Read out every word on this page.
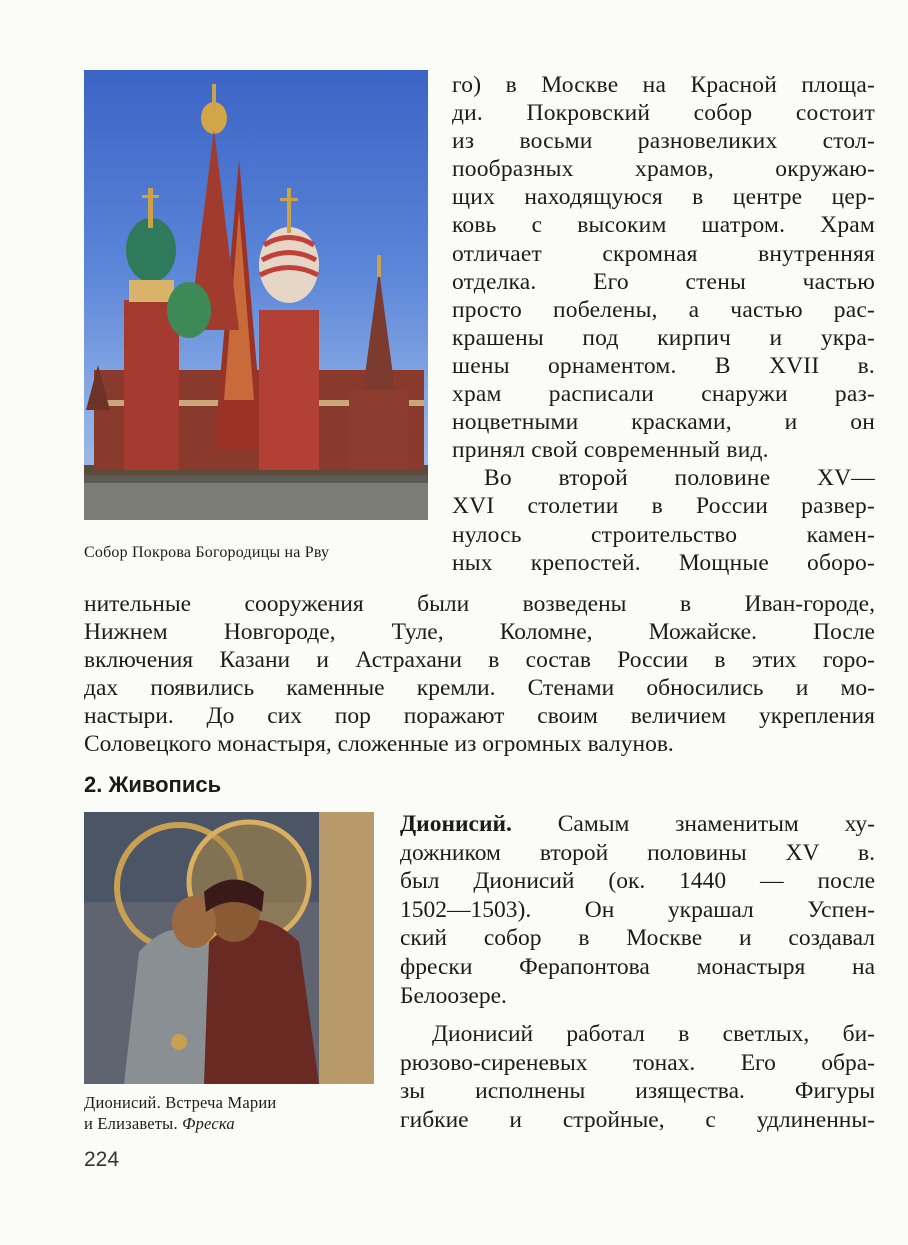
Собор Покрова Богородицы на Рву
го) в Москве на Красной площа-
ди. Покровский собор состоит
из восьми разновеликих стол-
пообразных храмов, окружаю-
щих находящуюся в центре цер-
ковь с высоким шатром. Храм
отличает скромная внутренняя
отделка. Его стены частью
просто побелены, а частью рас-
крашены под кирпич и укра-
шены орнаментом. В XVII в.
храм расписали снаружи раз-
ноцветными красками, и он
принял свой современный вид.
Во второй половине XV—
XVI столетии в России развер-
нулось строительство камен-
ных крепостей. Мощные оборо-
нительные сооружения были возведены в Иван-городе,
Нижнем Новгороде, Туле, Коломне, Можайске. После
включения Казани и Астрахани в состав России в этих горо-
дах появились каменные кремли. Стенами обносились и мо-
настыри. До сих пор поражают своим величием укрепления
Соловецкого монастыря, сложенные из огромных валунов.
2. Живопись
Дионисий. Встреча Марии
и Елизаветы. Фреска
Дионисий. Самым знаменитым ху-
дожником второй половины XV в.
был Дионисий (ок. 1440 — после
1502—1503). Он украшал Успен-
ский собор в Москве и создавал
фрески Ферапонтова монастыря на
Белоозере.
Дионисий работал в светлых, би-
рюзово-сиреневых тонах. Его обра-
зы исполнены изящества. Фигуры
гибкие и стройные, с удлиненны-
224
